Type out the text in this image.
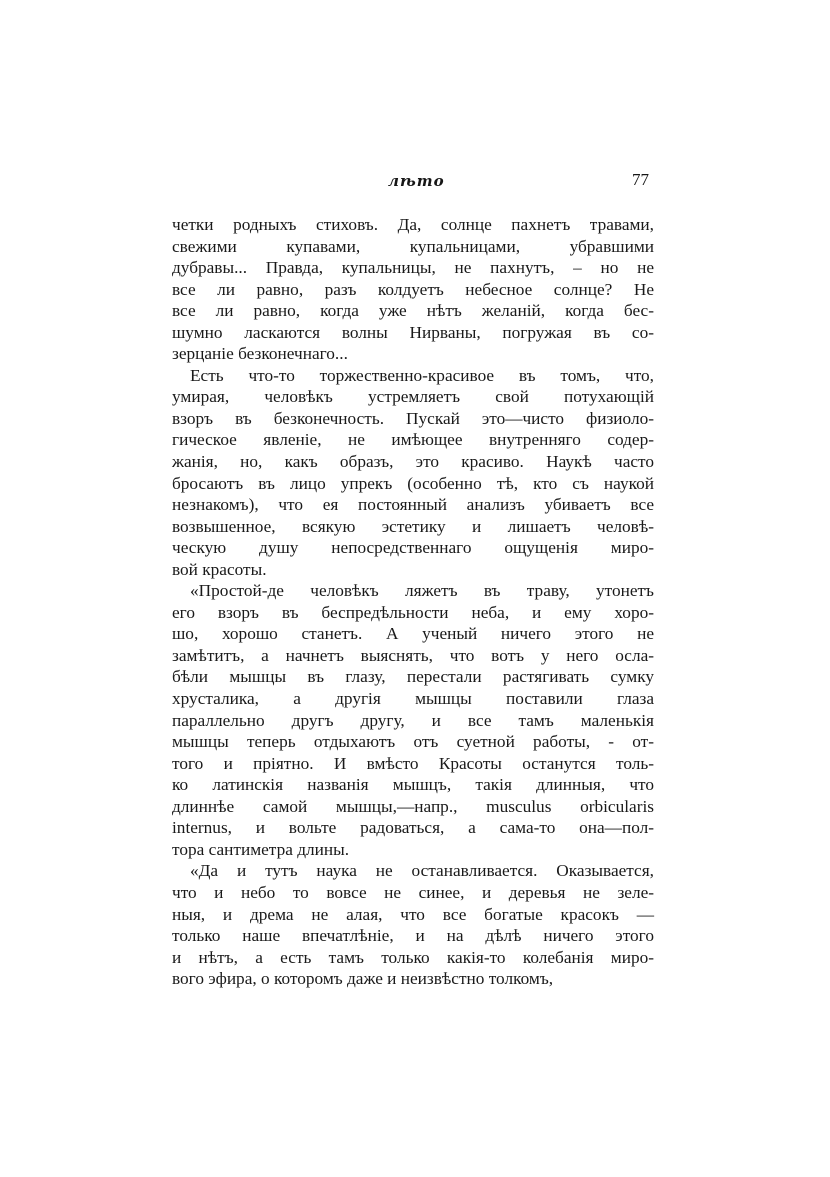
лѣто	77
четки родныхъ стиховъ. Да, солнце пахнетъ травами,
свежими купавами, купальницами, убравшими
дубравы... Правда, купальницы, не пахнутъ, – но не
все ли равно, разъ колдуетъ небесное солнце? Не
все ли равно, когда уже нѣтъ желаній, когда бес-
шумно ласкаются волны Нирваны, погружая въ со-
зерцаніе безконечнаго...
Есть что-то торжественно-красивое въ томъ, что,
умирая, человѣкъ устремляетъ свой потухающій
взоръ въ безконечность. Пускай это—чисто физиоло-
гическое явленіе, не имѣющее внутренняго содер-
жанія, но, какъ образъ, это красиво. Наукѣ часто
бросаютъ въ лицо упрекъ (особенно тѣ, кто съ наукой
незнакомъ), что ея постоянный анализъ убиваетъ все
возвышенное, всякую эстетику и лишаетъ человѣ-
ческую душу непосредственнаго ощущенія миро-
вой красоты.
«Простой-де человѣкъ ляжетъ въ траву, утонетъ
его взоръ въ беспредѣльности неба, и ему хоро-
шо, хорошо станетъ. А ученый ничего этого не
замѣтитъ, а начнетъ выяснять, что вотъ у него осла-
бѣли мышцы въ глазу, перестали растягивать сумку
хрусталика, а другія мышцы поставили глаза
параллельно другъ другу, и все тамъ маленькія
мышцы теперь отдыхаютъ отъ суетной работы, - от-
того и пріятно. И вмѣсто Красоты останутся толь-
ко латинскія названія мышцъ, такія длинныя, что
длиннѣе самой мышцы,—напр., musculus orbicularis
internus, и вольте радоваться, а сама-то она—пол-
тора сантиметра длины.
«Да и тутъ наука не останавливается. Оказывается,
что и небо то вовсе не синее, и деревья не зеле-
ныя, и дрема не алая, что все богатые красокъ —
только наше впечатлѣніе, и на дѣлѣ ничего этого
и нѣтъ, а есть тамъ только какія-то колебанія миро-
вого эфира, о которомъ даже и неизвѣстно толкомъ,
